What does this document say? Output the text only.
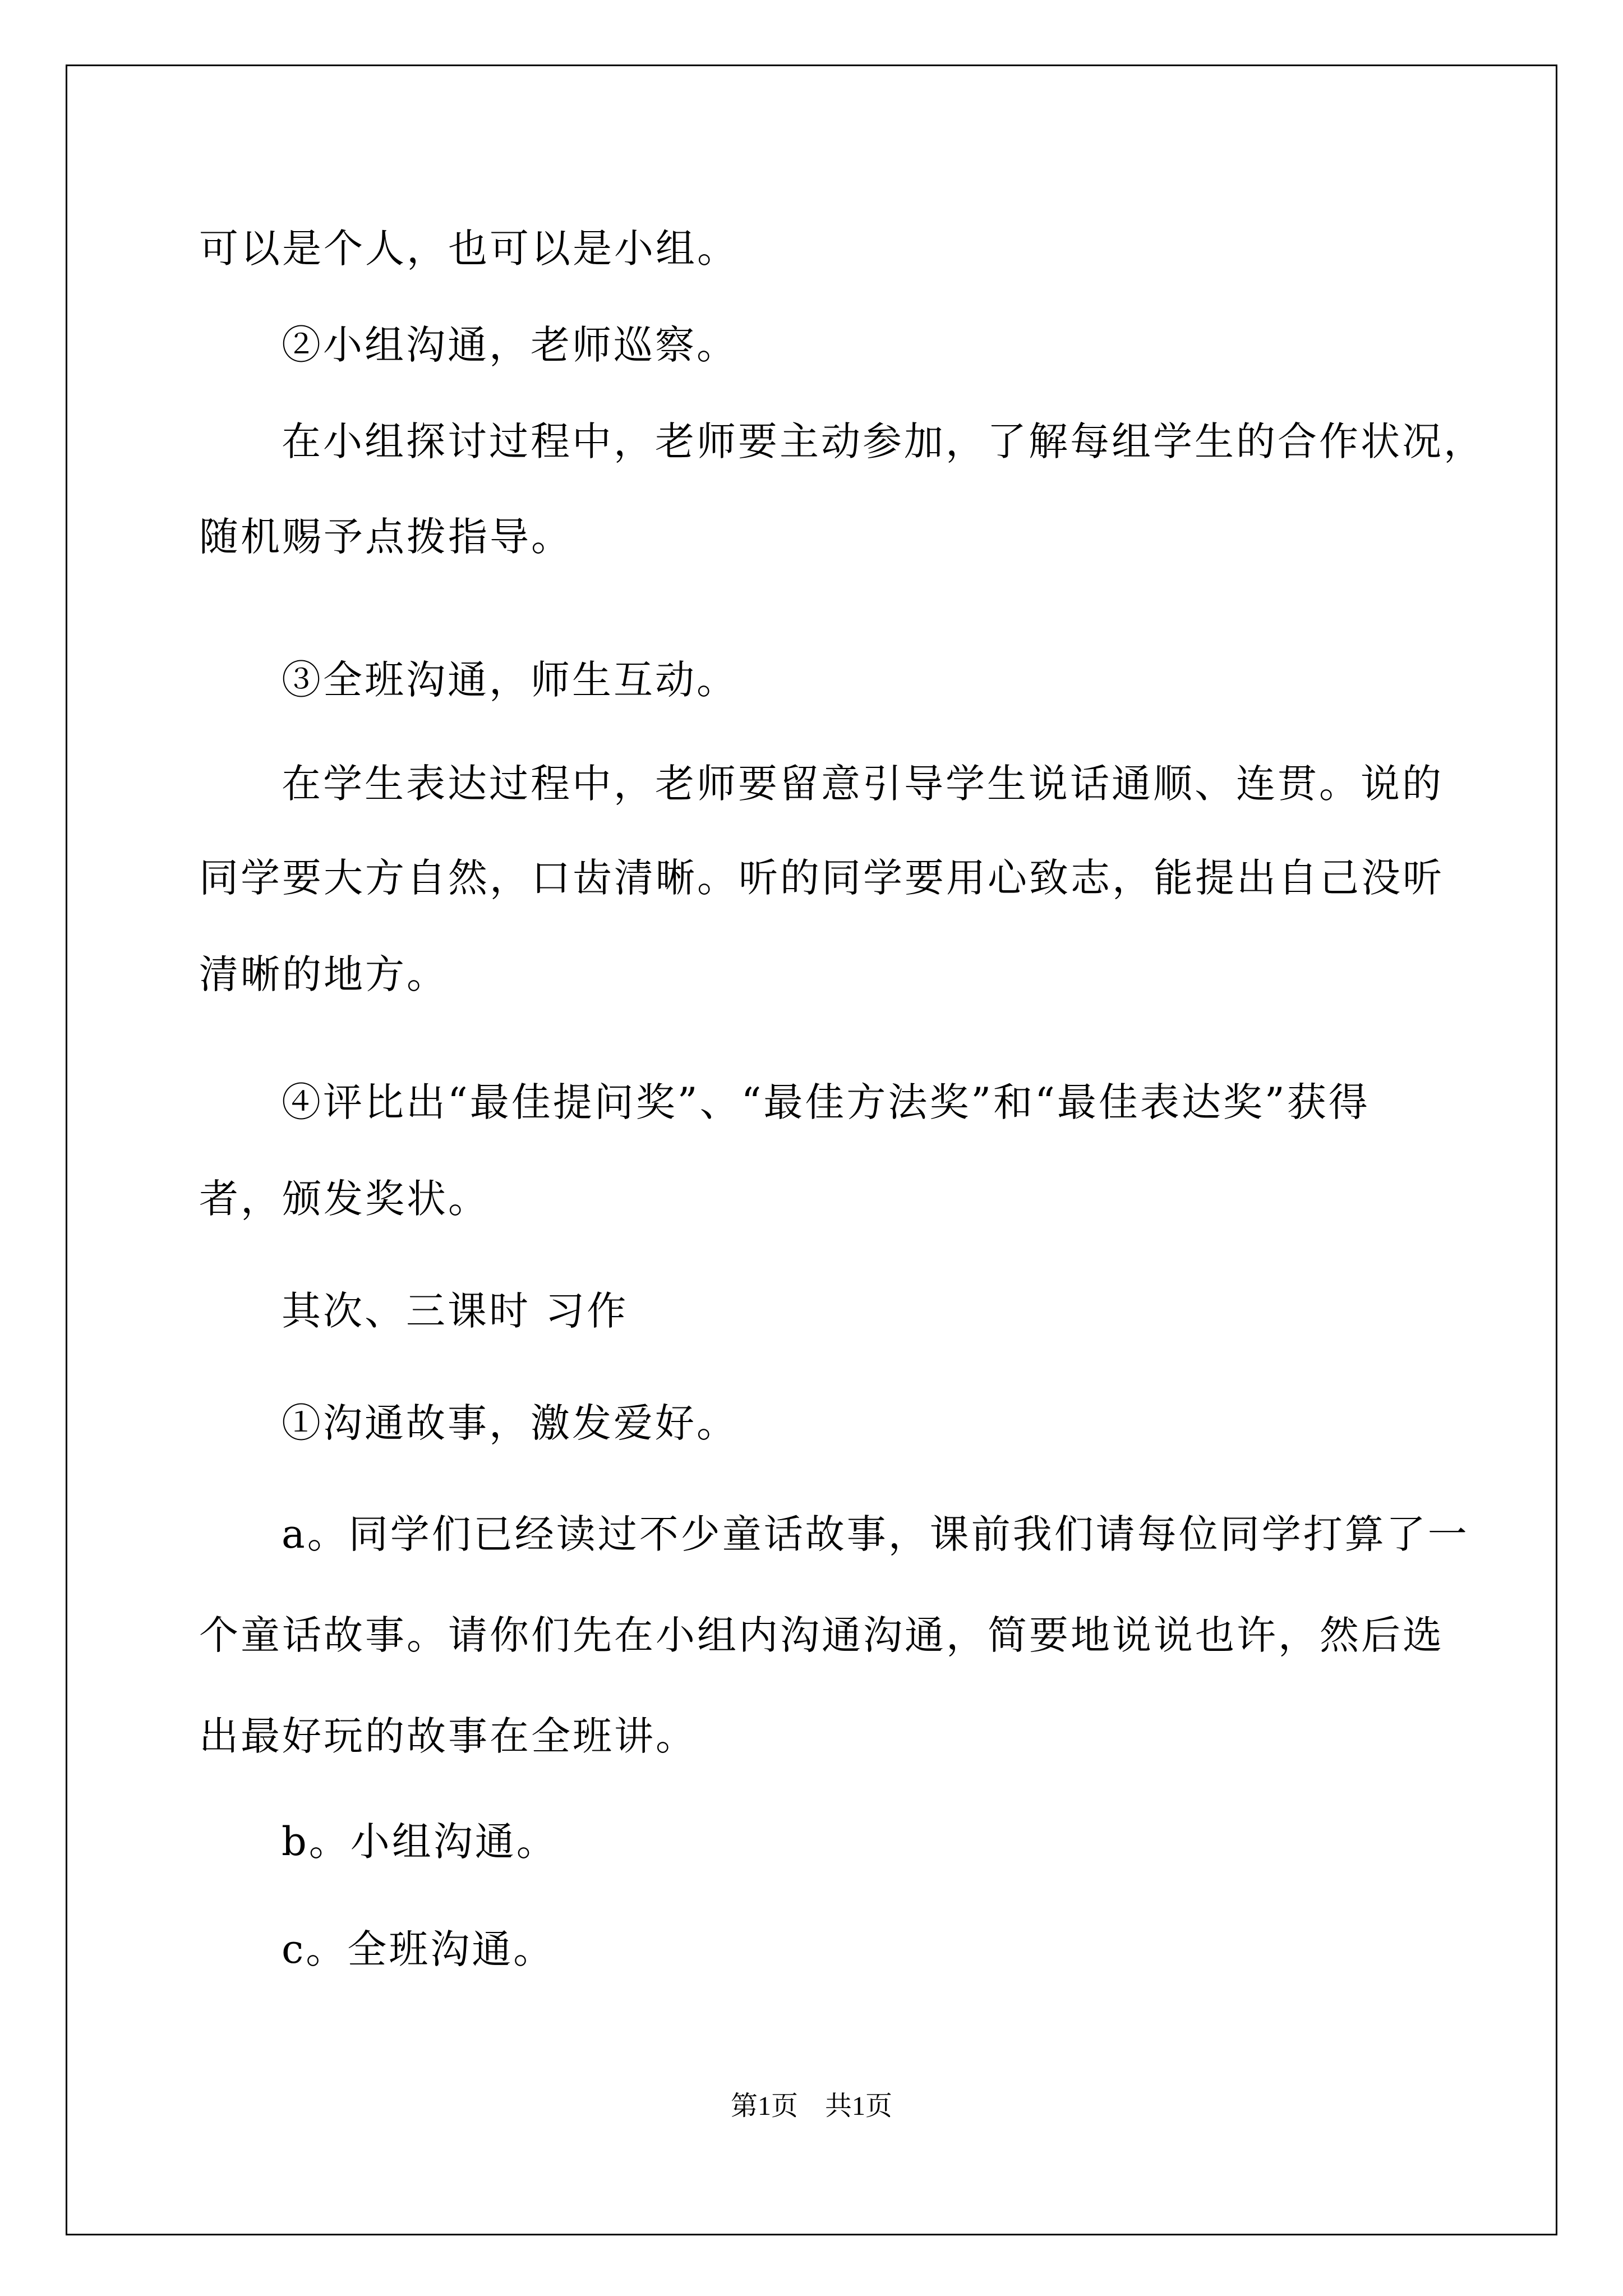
可以是个人，也可以是小组。
②小组沟通，老师巡察。
在小组探讨过程中，老师要主动参加，了解每组学生的合作状况，
随机赐予点拨指导。
③全班沟通，师生互动。
在学生表达过程中，老师要留意引导学生说话通顺、连贯。说的
同学要大方自然，口齿清晰。听的同学要用心致志，能提出自己没听
清晰的地方。
④评比出“最佳提问奖”、“最佳方法奖”和“最佳表达奖”获得
者，颁发奖状。
其次、三课时 习作
①沟通故事，激发爱好。
a。同学们已经读过不少童话故事，课前我们请每位同学打算了一
个童话故事。请你们先在小组内沟通沟通，简要地说说也许，然后选
出最好玩的故事在全班讲。
b。小组沟通。
c。全班沟通。
第1页　共1页
